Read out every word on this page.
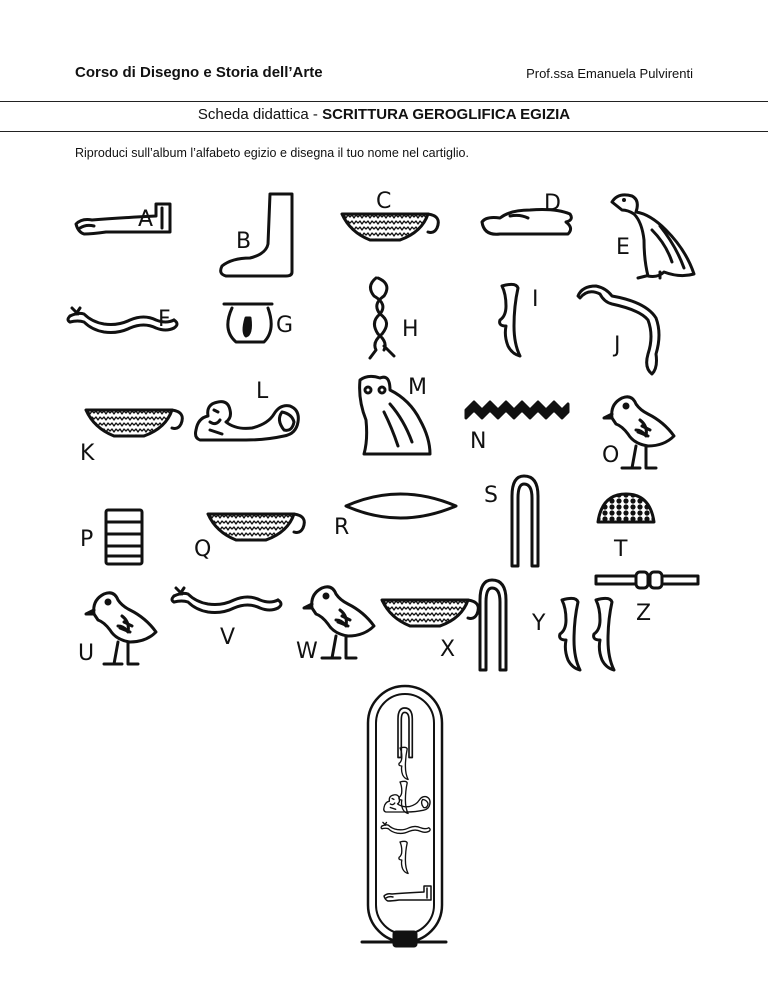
Corso di Disegno e Storia dell’Arte	Prof.ssa Emanuela Pulvirenti
Scheda didattica - SCRITTURA GEROGLIFICA EGIZIA
Riproduci sull’album l’alfabeto egizio e disegna il tuo nome nel cartiglio.
A
B
C	D
E
F	G	H
I
J
K
L	M
N
O
P	Q
R
S
T
U
V
W	X
Y	Z
